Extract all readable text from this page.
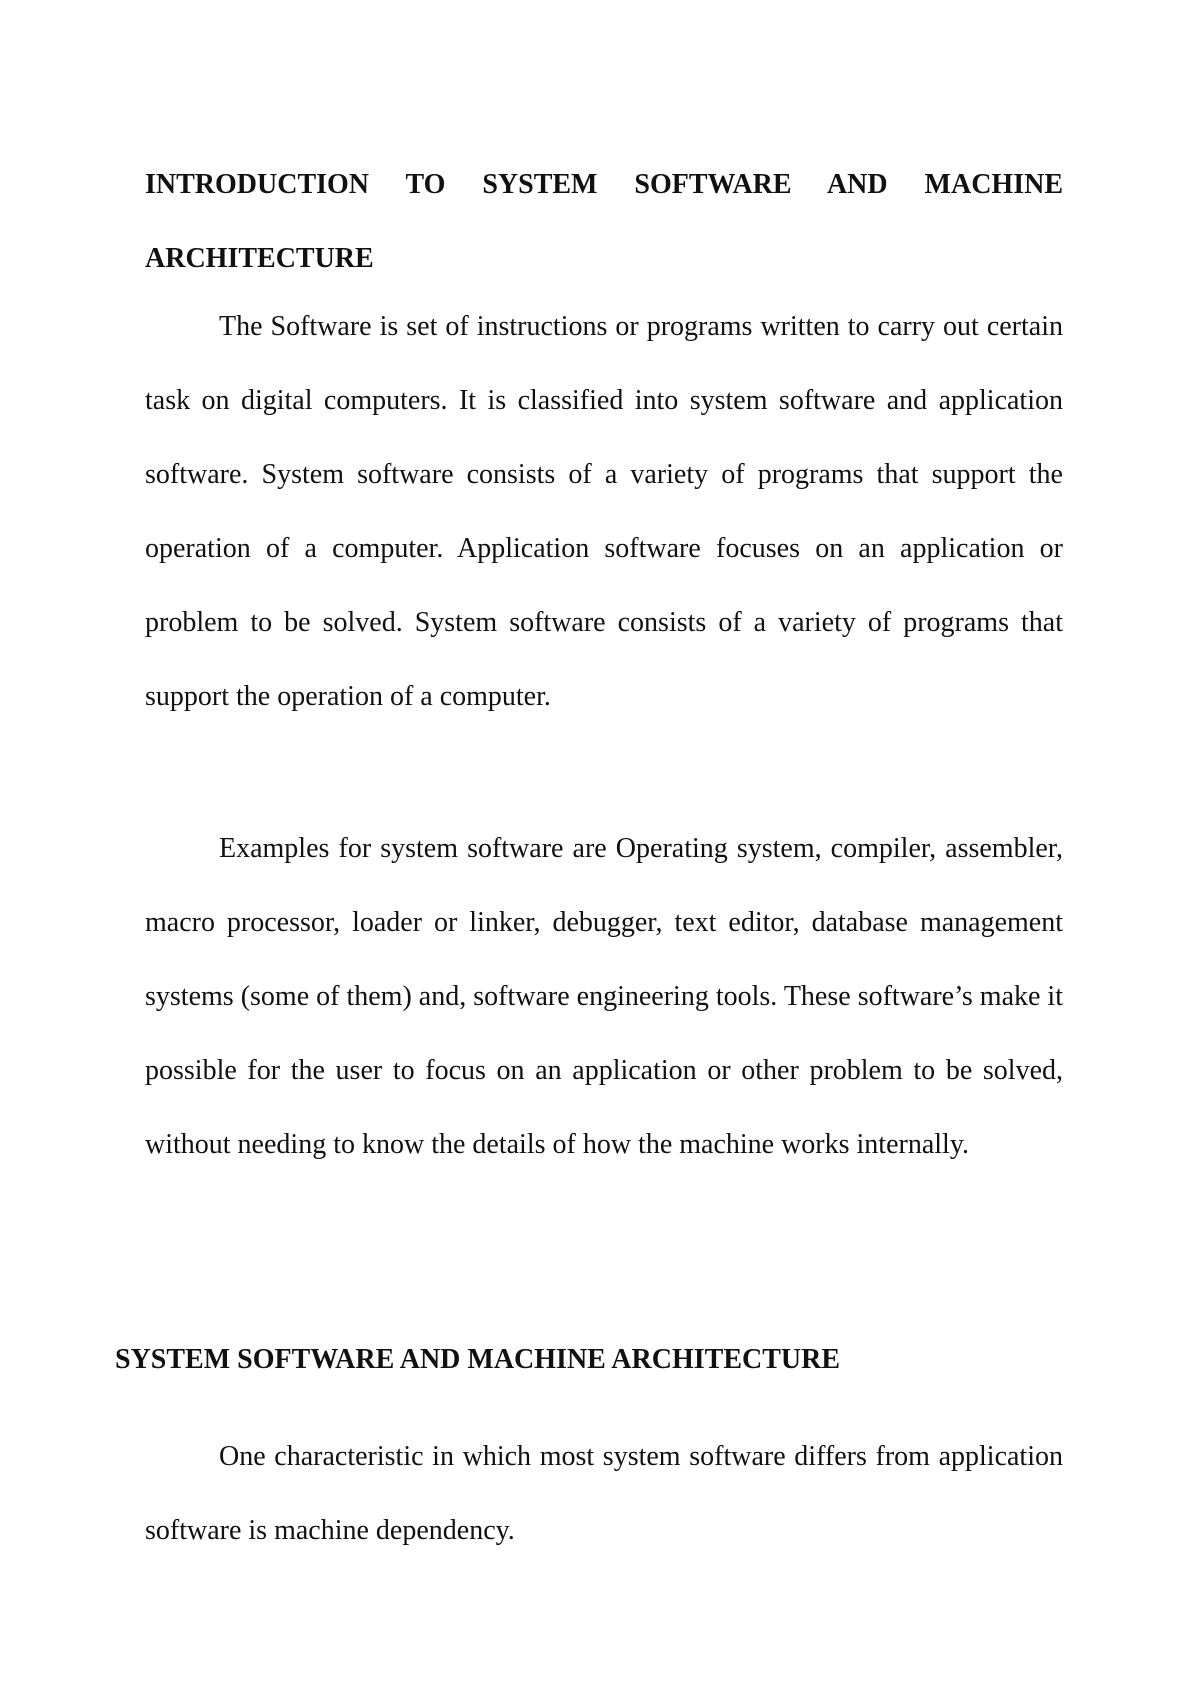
INTRODUCTION TO SYSTEM SOFTWARE AND MACHINE ARCHITECTURE

The Software is set of instructions or programs written to carry out certain task on digital computers. It is classified into system software and application software. System software consists of a variety of programs that support the operation of a computer. Application software focuses on an application or problem to be solved. System software consists of a variety of programs that support the operation of a computer.

Examples for system software are Operating system, compiler, assembler, macro processor, loader or linker, debugger, text editor, database management systems (some of them) and, software engineering tools. These software’s make it possible for the user to focus on an application or other problem to be solved, without needing to know the details of how the machine works internally.

SYSTEM SOFTWARE AND MACHINE ARCHITECTURE

One characteristic in which most system software differs from application software is machine dependency.
